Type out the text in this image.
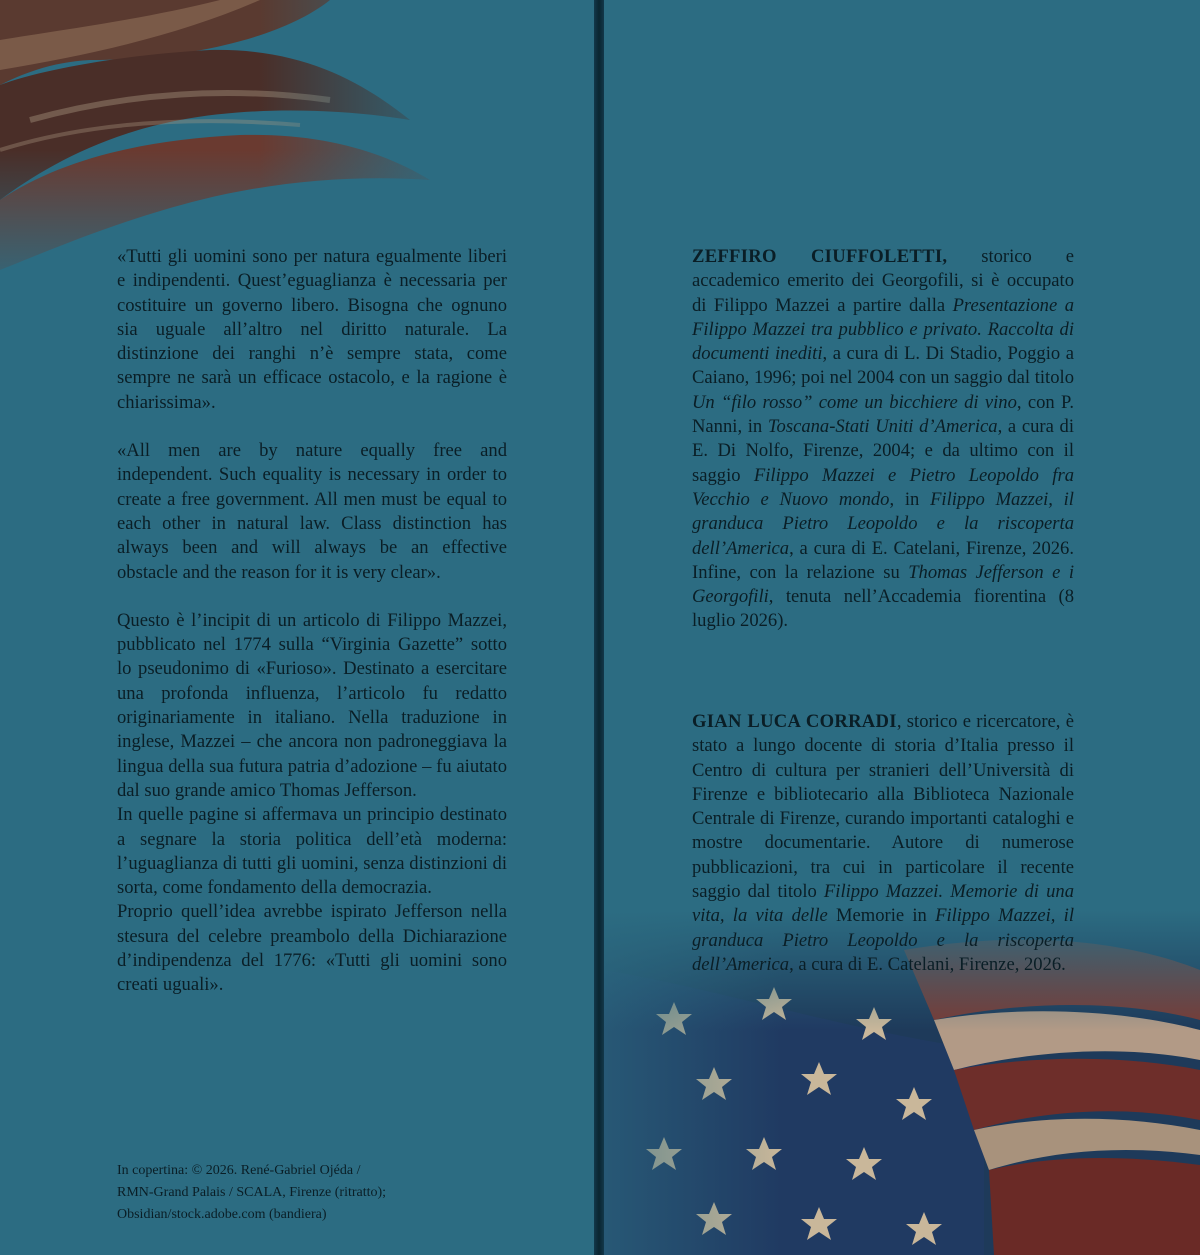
«Tutti gli uomini sono per natura egualmente liberi e indipendenti. Quest’eguaglianza è necessaria per costituire un governo libero. Bisogna che ognuno sia uguale all’altro nel diritto naturale. La distinzione dei ranghi n’è sempre stata, come sempre ne sarà un efficace ostacolo, e la ragione è chiarissima».

«All men are by nature equally free and independent. Such equality is necessary in order to create a free government. All men must be equal to each other in natural law. Class distinction has always been and will always be an effective obstacle and the reason for it is very clear».

Questo è l’incipit di un articolo di Filippo Mazzei, pubblicato nel 1774 sulla “Virginia Gazette” sotto lo pseudonimo di «Furioso». Destinato a esercitare una profonda influenza, l’articolo fu redatto originariamente in italiano. Nella traduzione in inglese, Mazzei – che ancora non padroneggiava la lingua della sua futura patria d’adozione – fu aiutato dal suo grande amico Thomas Jefferson.

In quelle pagine si affermava un principio destinato a segnare la storia politica dell’età moderna: l’uguaglianza di tutti gli uomini, senza distinzioni di sorta, come fondamento della democrazia.

Proprio quell’idea avrebbe ispirato Jefferson nella stesura del celebre preambolo della Dichiarazione d’indipendenza del 1776: «Tutti gli uomini sono creati uguali».

In copertina: © 2026. René-Gabriel Ojéda /
RMN-Grand Palais / SCALA, Firenze (ritratto);
Obsidian/stock.adobe.com (bandiera)
ZEFFIRO CIUFFOLETTI, storico e accademico emerito dei Georgofili, si è occupato di Filippo Mazzei a partire dalla Presentazione a Filippo Mazzei tra pubblico e privato. Raccolta di documenti inediti, a cura di L. Di Stadio, Poggio a Caiano, 1996; poi nel 2004 con un saggio dal titolo Un “filo rosso” come un bicchiere di vino, con P. Nanni, in Toscana-Stati Uniti d’America, a cura di E. Di Nolfo, Firenze, 2004; e da ultimo con il saggio Filippo Mazzei e Pietro Leopoldo fra Vecchio e Nuovo mondo, in Filippo Mazzei, il granduca Pietro Leopoldo e la riscoperta dell’America, a cura di E. Catelani, Firenze, 2026. Infine, con la relazione su Thomas Jefferson e i Georgofili, tenuta nell’Accademia fiorentina (8 luglio 2026).
GIAN LUCA CORRADI, storico e ricercatore, è stato a lungo docente di storia d’Italia presso il Centro di cultura per stranieri dell’Università di Firenze e bibliotecario alla Biblioteca Nazionale Centrale di Firenze, curando importanti cataloghi e mostre documentarie. Autore di numerose pubblicazioni, tra cui in particolare il recente saggio dal titolo Filippo Mazzei. Memorie di una vita, la vita delle Memorie in Filippo Mazzei, il granduca Pietro Leopoldo e la riscoperta dell’America, a cura di E. Catelani, Firenze, 2026.
